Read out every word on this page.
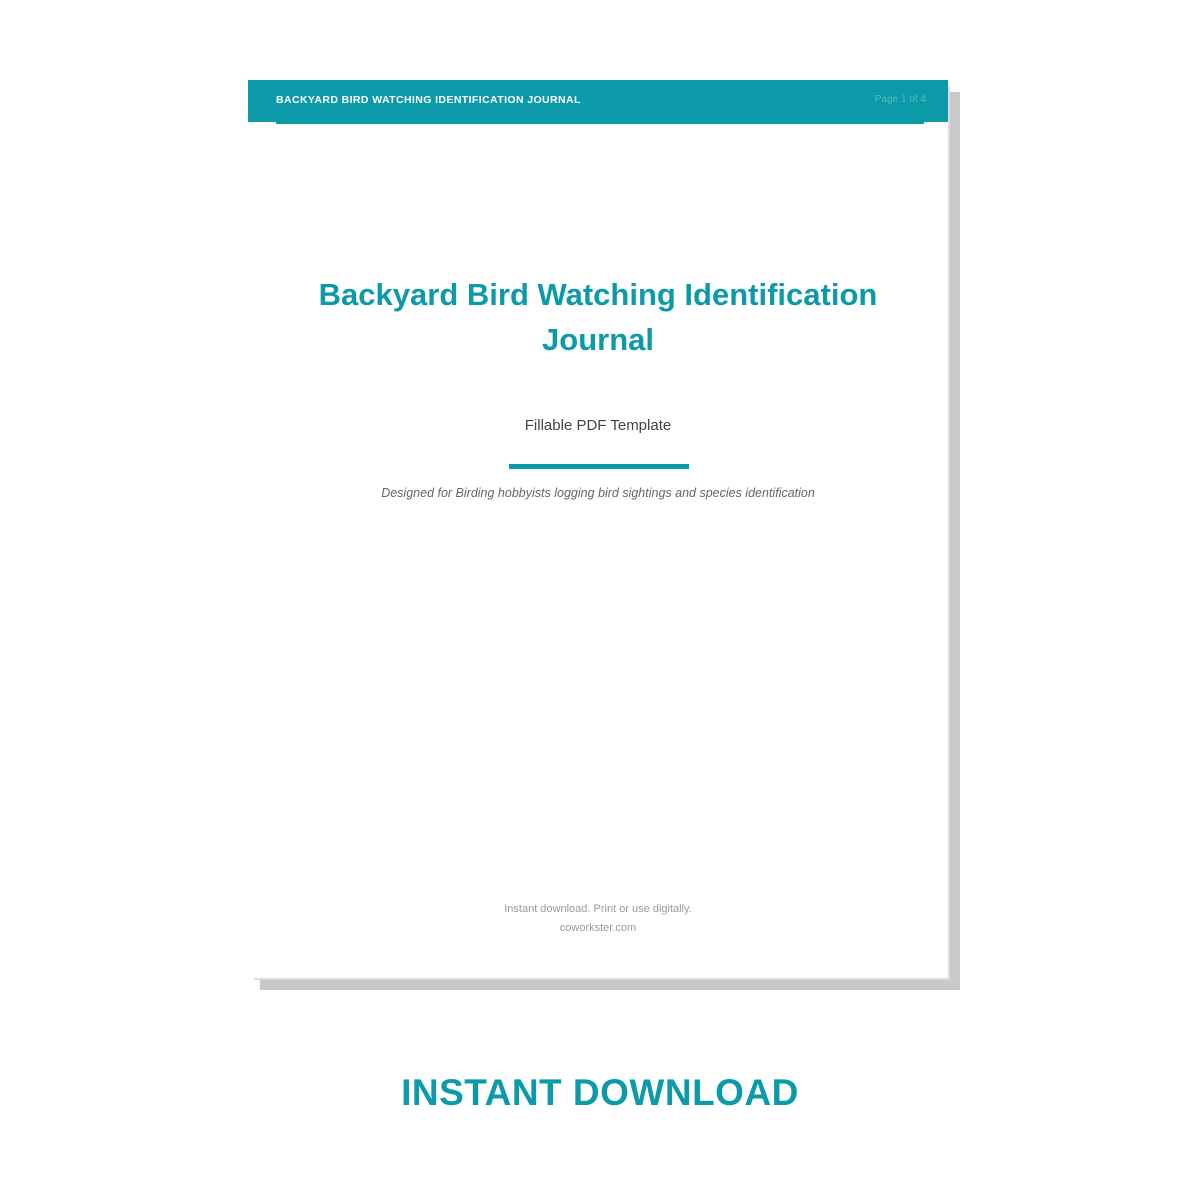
BACKYARD BIRD WATCHING IDENTIFICATION JOURNAL	Page 1 of 4
Backyard Bird Watching Identification Journal
Fillable PDF Template
Designed for Birding hobbyists logging bird sightings and species identification
Instant download. Print or use digitally.
coworkster.com
INSTANT DOWNLOAD
